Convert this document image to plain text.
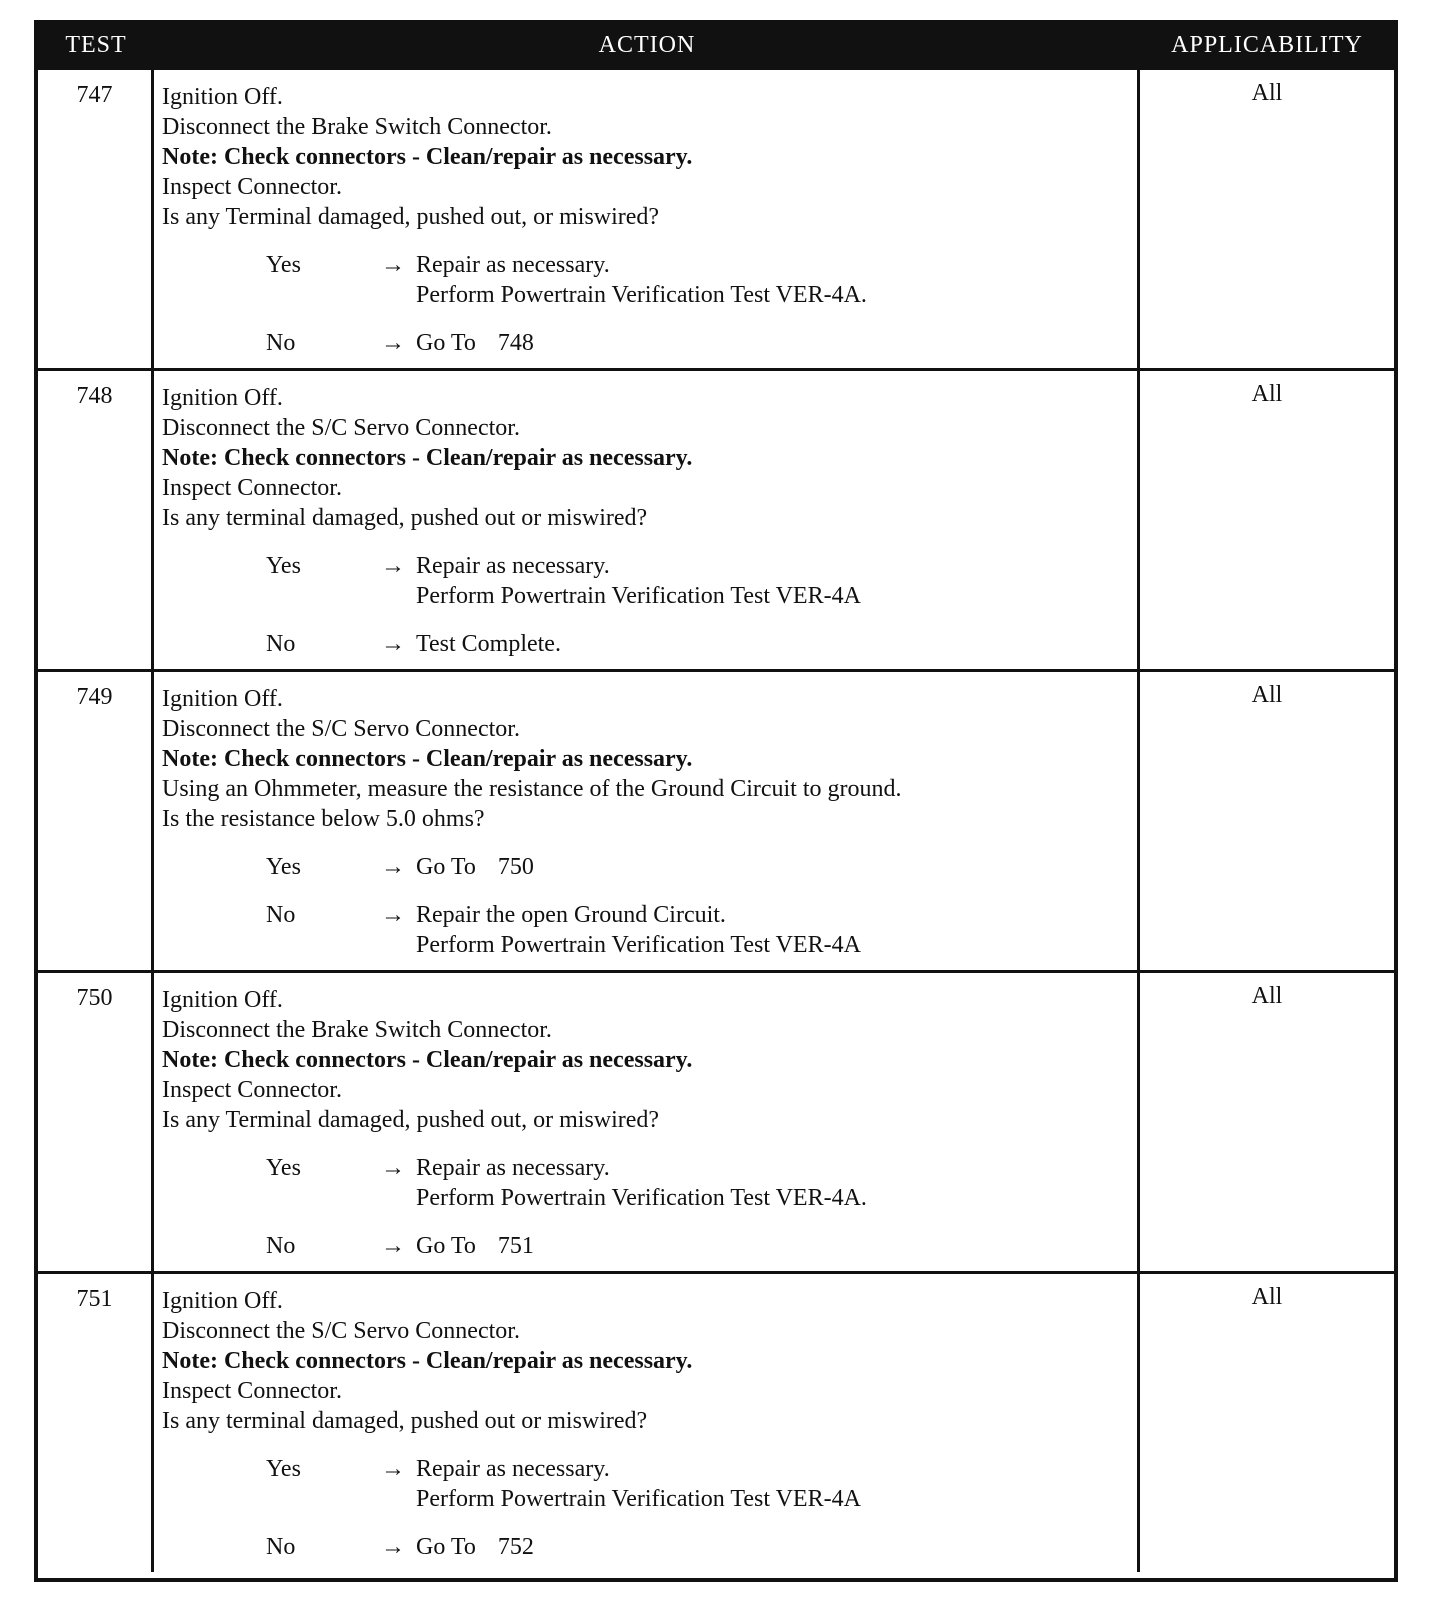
TEST	ACTION	APPLICABILITY
747	Ignition Off.
Disconnect the Brake Switch Connector.
Note: Check connectors - Clean/repair as necessary.
Inspect Connector.
Is any Terminal damaged, pushed out, or miswired?
Yes	→ Repair as necessary.
Perform Powertrain Verification Test VER-4A.
No	→ Go To 748
All
748	Ignition Off.
Disconnect the S/C Servo Connector.
Note: Check connectors - Clean/repair as necessary.
Inspect Connector.
Is any terminal damaged, pushed out or miswired?
Yes	→ Repair as necessary.
Perform Powertrain Verification Test VER-4A
No	→ Test Complete.
All
749	Ignition Off.
Disconnect the S/C Servo Connector.
Note: Check connectors - Clean/repair as necessary.
Using an Ohmmeter, measure the resistance of the Ground Circuit to ground.
Is the resistance below 5.0 ohms?
Yes	→ Go To 750
No	→ Repair the open Ground Circuit.
Perform Powertrain Verification Test VER-4A
All
750	Ignition Off.
Disconnect the Brake Switch Connector.
Note: Check connectors - Clean/repair as necessary.
Inspect Connector.
Is any Terminal damaged, pushed out, or miswired?
Yes	→ Repair as necessary.
Perform Powertrain Verification Test VER-4A.
No	→ Go To 751
All
751	Ignition Off.
Disconnect the S/C Servo Connector.
Note: Check connectors - Clean/repair as necessary.
Inspect Connector.
Is any terminal damaged, pushed out or miswired?
Yes	→ Repair as necessary.
Perform Powertrain Verification Test VER-4A
No	→ Go To 752
All
